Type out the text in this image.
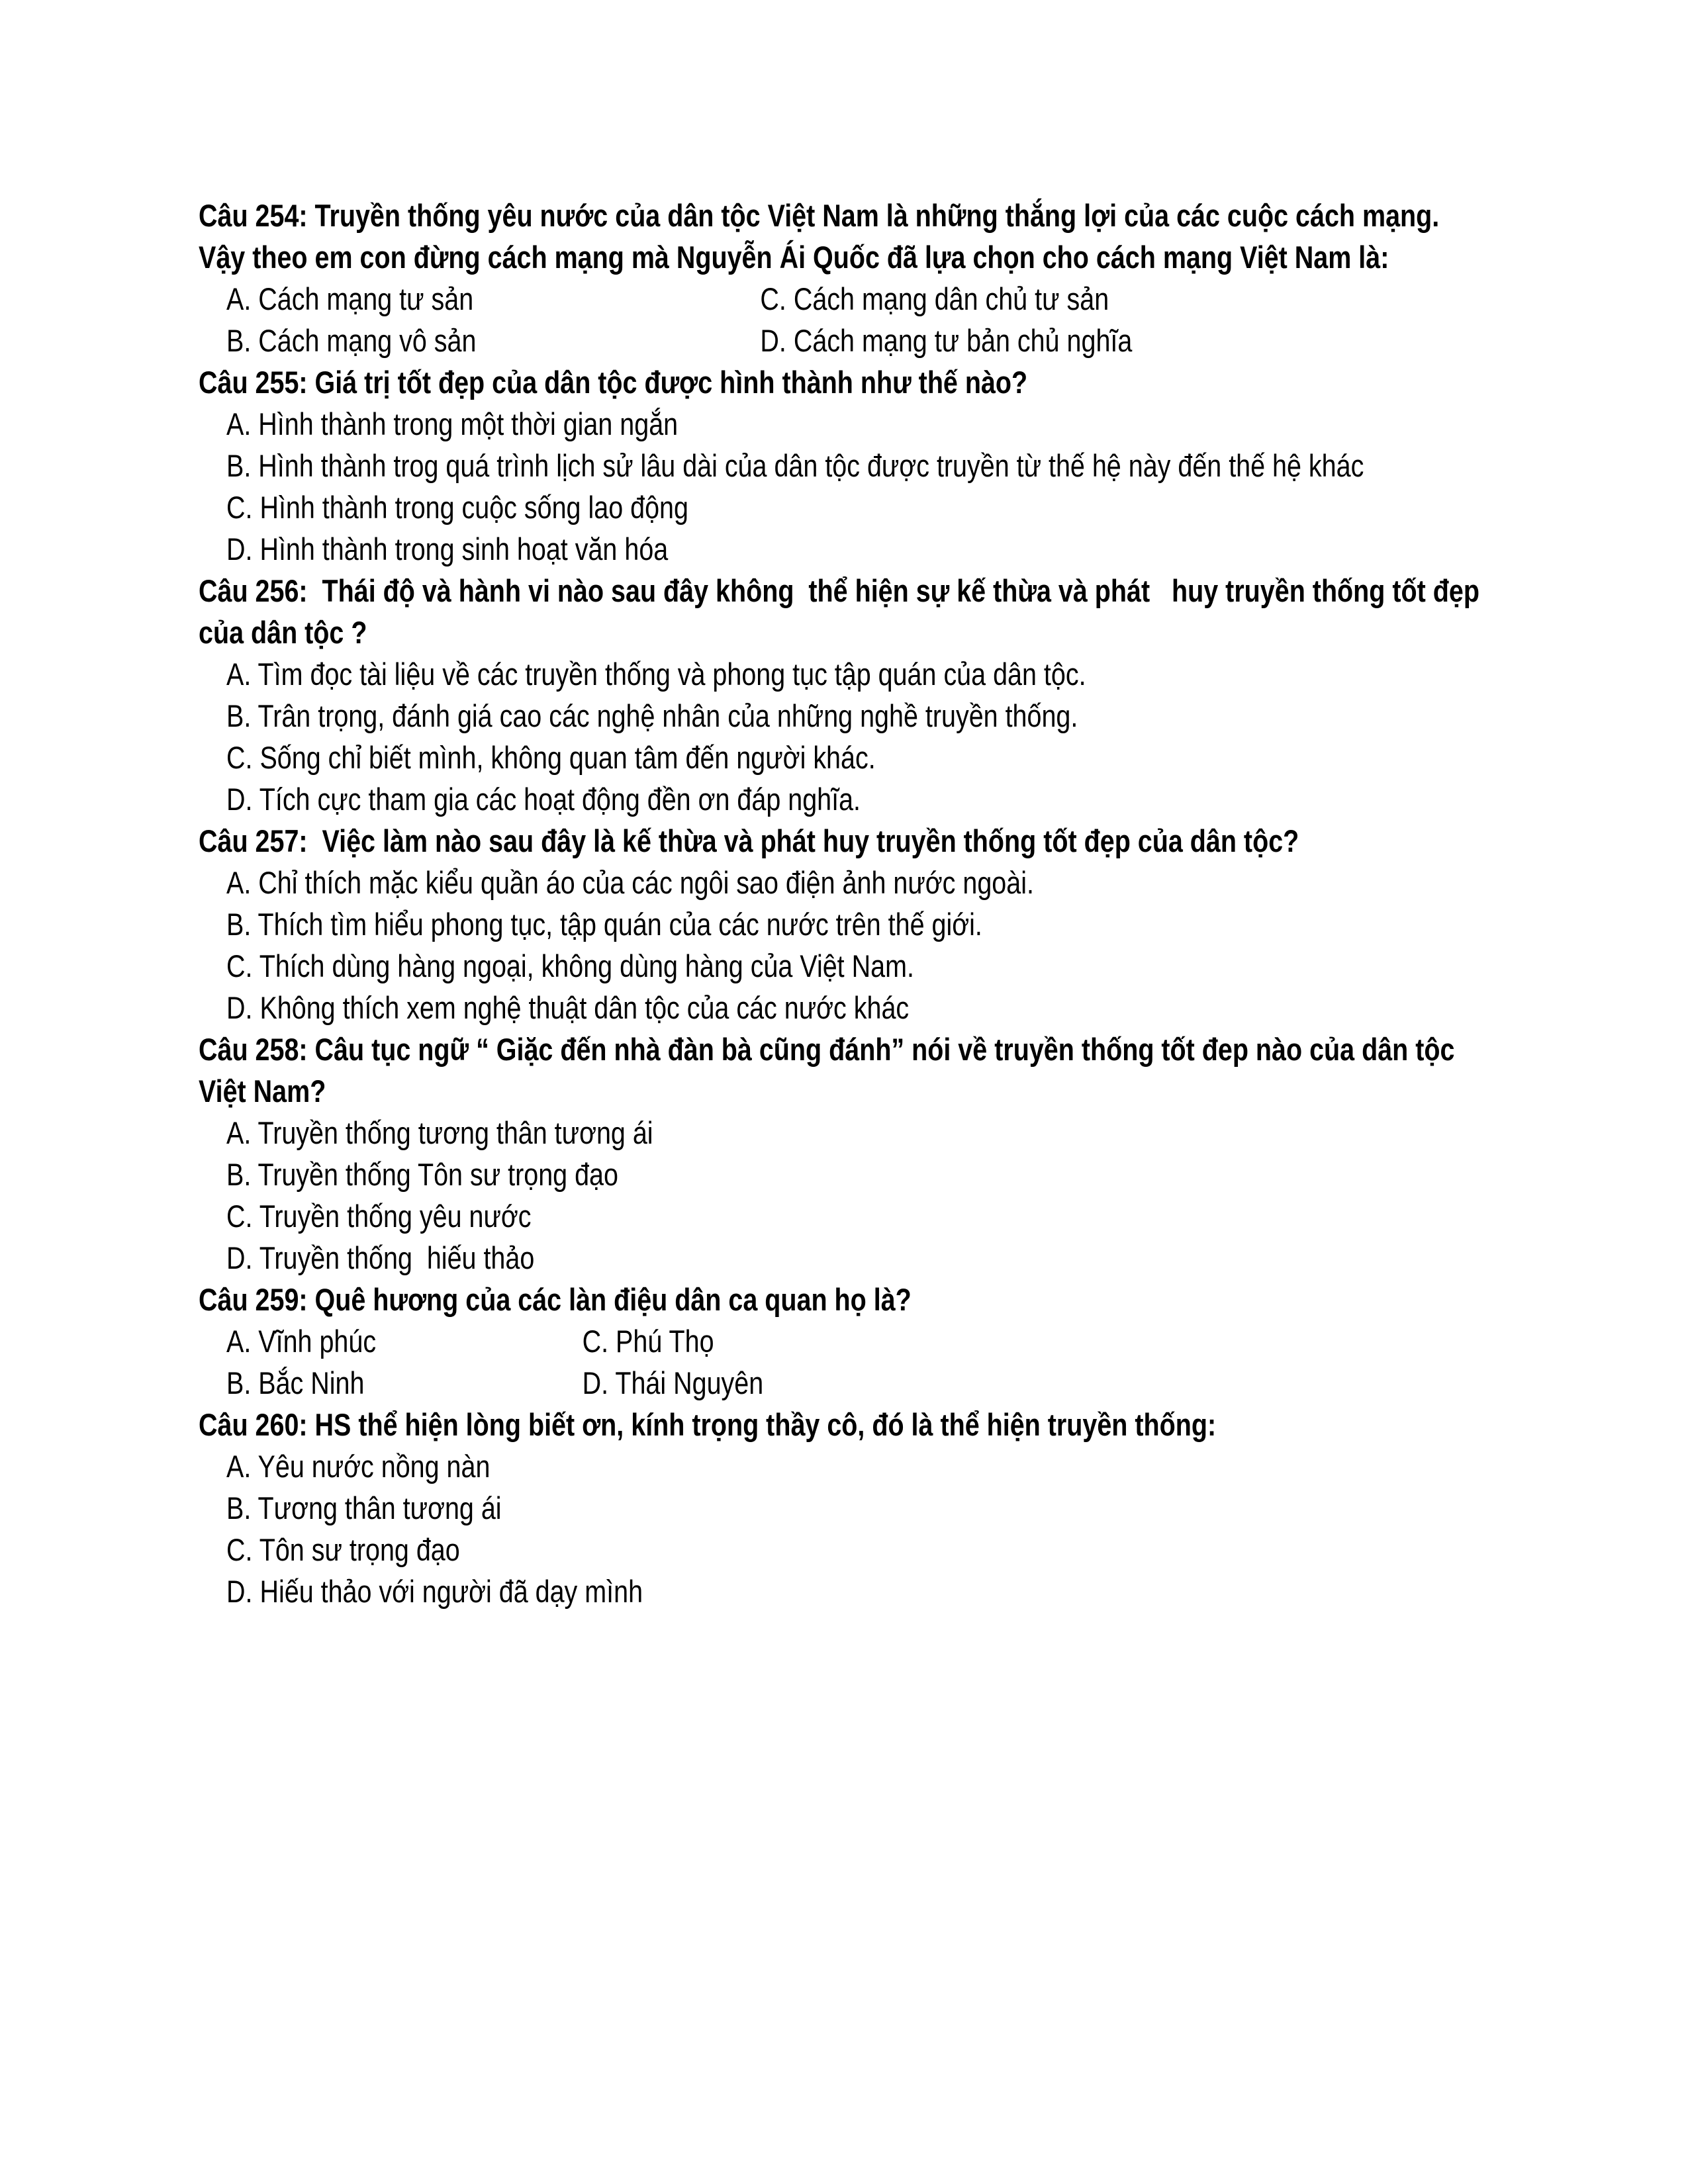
Câu 254: Truyền thống yêu nước của dân tộc Việt Nam là những thắng lợi của các cuộc cách mạng. Vậy theo em con đừng cách mạng mà Nguyễn Ái Quốc đã lựa chọn cho cách mạng Việt Nam là:

A. Cách mạng tư sản	C. Cách mạng dân chủ tư sản
B. Cách mạng vô sản	D. Cách mạng tư bản chủ nghĩa

Câu 255: Giá trị tốt đẹp của dân tộc được hình thành như thế nào?

A. Hình thành trong một thời gian ngắn

B. Hình thành trog quá trình lịch sử lâu dài của dân tộc được truyền từ thế hệ này đến thế hệ khác

C. Hình thành trong cuộc sống lao động

D. Hình thành trong sinh hoạt văn hóa

Câu 256:  Thái độ và hành vi nào sau đây không  thể hiện sự kế thừa và phát   huy truyền thống tốt đẹp của dân tộc ?

A. Tìm đọc tài liệu về các truyền thống và phong tục tập quán của dân tộc.

B. Trân trọng, đánh giá cao các nghệ nhân của những nghề truyền thống.

C. Sống chỉ biết mình, không quan tâm đến người khác.

D. Tích cực tham gia các hoạt động đền ơn đáp nghĩa.

Câu 257:  Việc làm nào sau đây là kế thừa và phát huy truyền thống tốt đẹp của dân tộc?

A. Chỉ thích mặc kiểu quần áo của các ngôi sao điện ảnh nước ngoài.

B. Thích tìm hiểu phong tục, tập quán của các nước trên thế giới.

C. Thích dùng hàng ngoại, không dùng hàng của Việt Nam.

D. Không thích xem nghệ thuật dân tộc của các nước khác

Câu 258: Câu tục ngữ “ Giặc đến nhà đàn bà cũng đánh” nói về truyền thống tốt đep nào của dân tộc Việt Nam?

A. Truyền thống tương thân tương ái

B. Truyền thống Tôn sư trọng đạo

C. Truyền thống yêu nước

D. Truyền thống  hiếu thảo

Câu 259: Quê hương của các làn điệu dân ca quan họ là?

A. Vĩnh phúc	C. Phú Thọ
B. Bắc Ninh	D. Thái Nguyên

Câu 260: HS thể hiện lòng biết ơn, kính trọng thầy cô, đó là thể hiện truyền thống:

A. Yêu nước nồng nàn

B. Tương thân tương ái

C. Tôn sư trọng đạo

D. Hiếu thảo với người đã dạy mình
